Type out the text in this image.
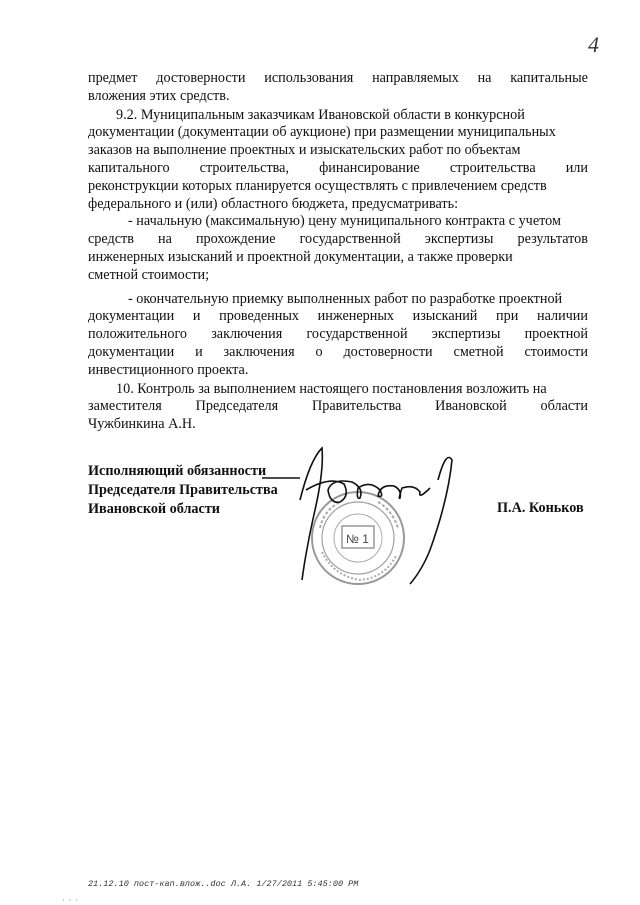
4
предмет достоверности использования направляемых на капитальные
вложения этих средств.
9.2. Муниципальным заказчикам Ивановской области в конкурсной
документации (документации об аукционе) при размещении муниципальных
заказов на выполнение проектных и изыскательских работ по объектам
капитального строительства, финансирование строительства или
реконструкции которых планируется осуществлять с привлечением средств
федерального и (или) областного бюджета, предусматривать:
- начальную (максимальную) цену муниципального контракта с учетом
средств на прохождение государственной экспертизы результатов
инженерных изысканий и проектной документации, а также проверки
сметной стоимости;
- окончательную приемку выполненных работ по разработке проектной
документации и проведенных инженерных изысканий при наличии
положительного заключения государственной экспертизы проектной
документации и заключения о достоверности сметной стоимости
инвестиционного проекта.
10. Контроль за выполнением настоящего постановления возложить на
заместителя Председателя Правительства Ивановской области
Чужбинкина А.Н.
№ 1
Исполняющий обязанности
Председателя Правительства
Ивановской области	П.А. Коньков
21.12.10 пост-кап.влож..doc Л.А. 1/27/2011 5:45:00 PM
· · ·
